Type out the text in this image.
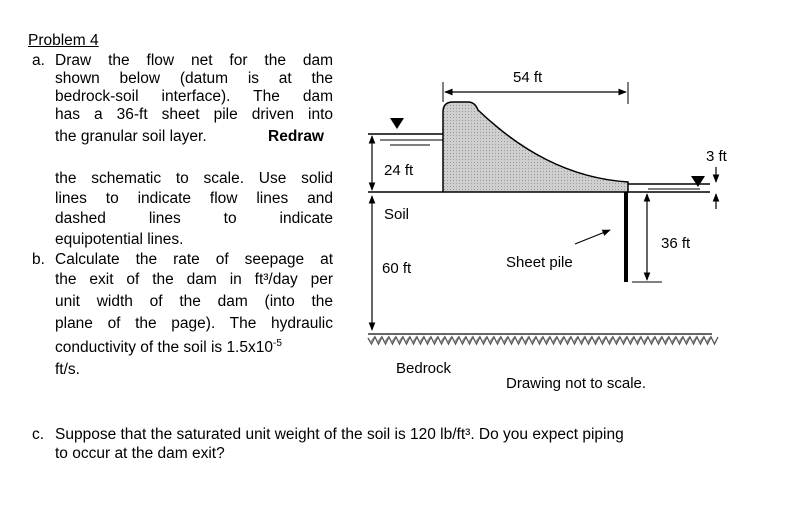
Problem 4
a. Draw the flow net for the dam
shown below (datum is at the
bedrock-soil interface). The dam
has a 36-ft sheet pile driven into
the granular soil layer.	Redraw
the schematic to scale. Use solid
lines to indicate flow lines and
dashed lines to indicate
equipotential lines.
b. Calculate the rate of seepage at
the exit of the dam in ft³/day per
unit width of the dam (into the
plane of the page). The hydraulic
conductivity of the soil is $1.5x10^{-5}$
ft/s.
c. Suppose that the saturated unit weight of the soil is 120 lb/ft³. Do you expect piping
to occur at the dam exit?
54 ft
24 ft
Soil
60 ft
3 ft
36 ft
Sheet pile
Bedrock
Drawing not to scale.
